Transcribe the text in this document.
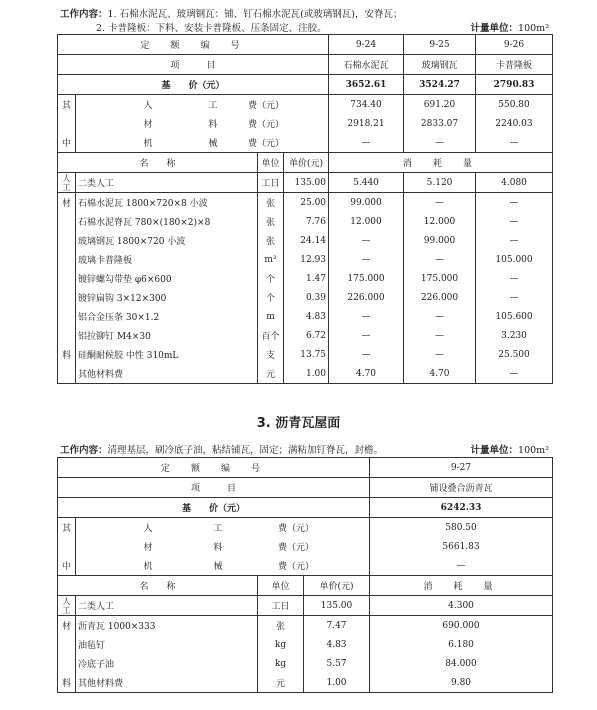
工作内容：1. 石棉水泥瓦、玻璃钢瓦：铺、钉石棉水泥瓦(或玻璃钢瓦)，安脊瓦；
2. 卡普隆板：下料、安装卡普隆板、压条固定、注胶。	计量单位：100m²
定　额　编　号				9-24	9-25	9-26
项　　　目				石棉水泥瓦	玻璃钢瓦	卡普隆板
基　　价（元）				3652.61	3524.27	2790.83
其	人 工 费（元）			734.40	691.20	550.80
	材 料 费（元）			2918.21	2833.07	2240.03
中	机 械 费（元）			—	—	—
名　　称		单位	单价(元)	消　耗　量		
人
工	二类人工	工日	135.00	5.440	5.120	4.080
材	石棉水泥瓦 1800×720×8 小波	张	25.00	99.000	—	—
	石棉水泥脊瓦 780×(180×2)×8	张	7.76	12.000	12.000	—
	玻璃钢瓦 1800×720 小波	张	24.14	—	99.000	—
	玻璃卡普隆板	m²	12.93	—	—	105.000
	镀锌螺勾带垫 φ6×600	个	1.47	175.000	175.000	—
	镀锌扁钩 3×12×300	个	0.39	226.000	226.000	—
	铝合金压条 30×1.2	m	4.83	—	—	105.600
	铝拉铆钉 M4×30	百个	6.72	—	—	3.230
料	硅酮耐候胶 中性 310mL	支	13.75	—	—	25.500
	其他材料费	元	1.00	4.70	4.70	—
3. 沥青瓦屋面
工作内容：清理基层，刷冷底子油，粘结铺瓦，固定；满粘加钉脊瓦，封檐。	计量单位：100m²
定　额　编　号				9-27
项　　　目				铺设叠合沥青瓦
基　　价（元）				6242.33
其	人 工 费（元）			580.50
	材 料 费（元）			5661.83
中	机 械 费（元）			—
名　　称		单位	单价(元)	消　耗　量
人
工	二类人工	工日	135.00	4.300
材	沥青瓦 1000×333	张	7.47	690.000
	油毡钉	kg	4.83	6.180
	冷底子油	kg	5.57	84.000
料	其他材料费	元	1.00	9.80
